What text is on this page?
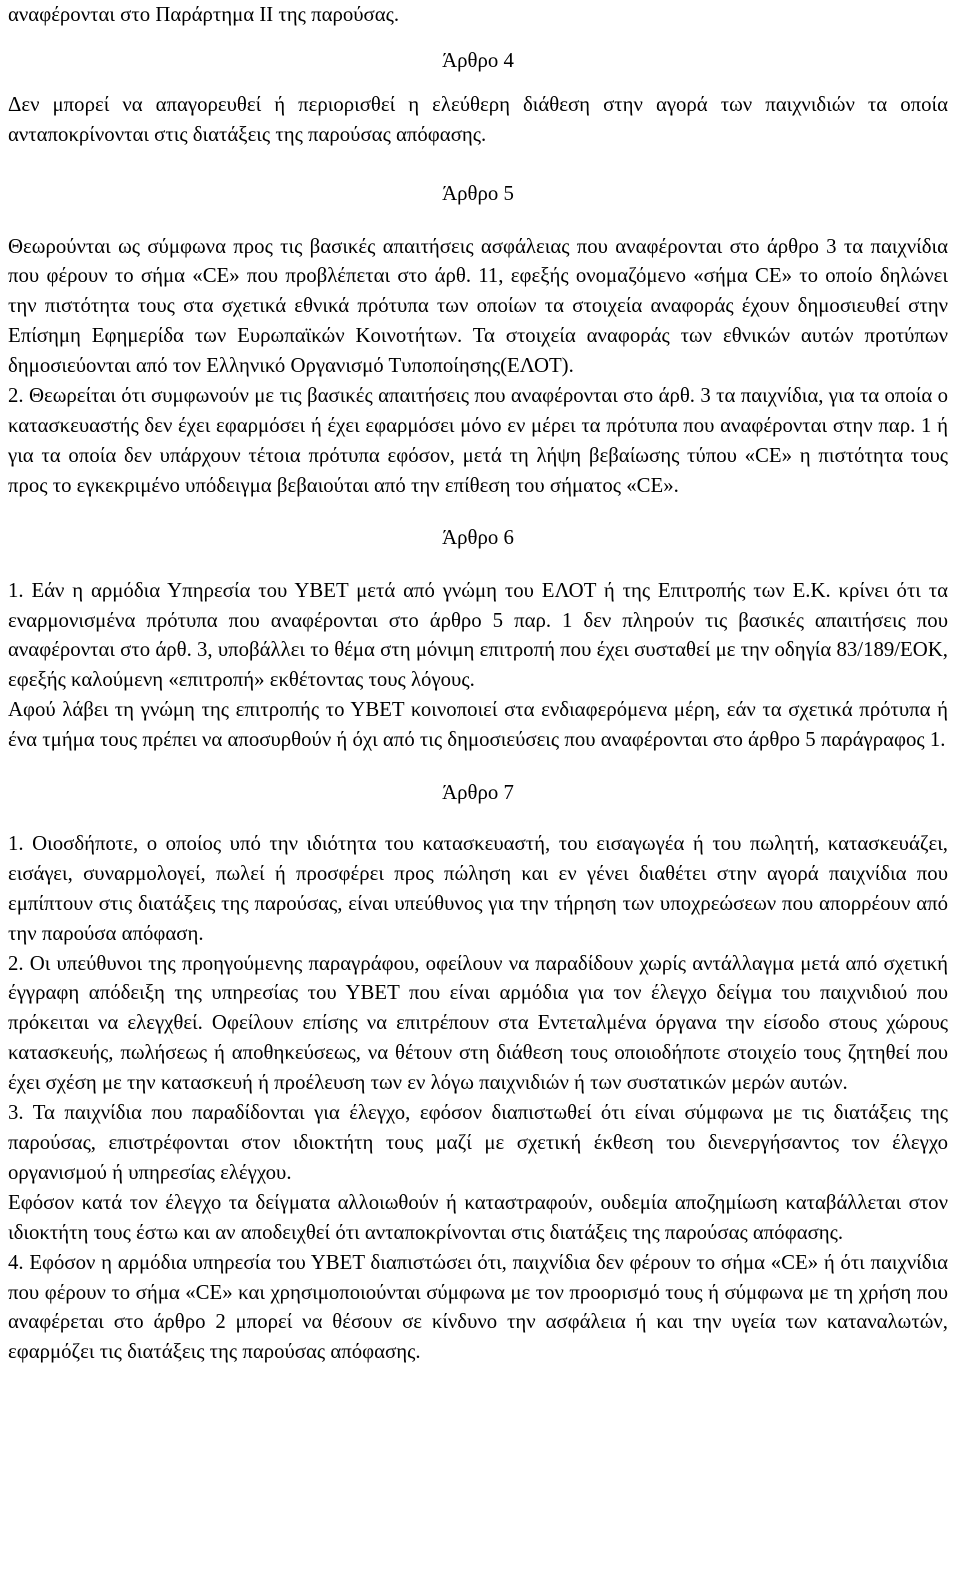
αναφέρονται στο Παράρτημα ΙΙ της παρούσας.

Άρθρο 4

Δεν μπορεί να απαγορευθεί ή περιορισθεί η ελεύθερη διάθεση στην αγορά των παιχνιδιών τα οποία ανταποκρίνονται στις διατάξεις της παρούσας απόφασης.

Άρθρο 5

Θεωρούνται ως σύμφωνα προς τις βασικές απαιτήσεις ασφάλειας που αναφέρονται στο άρθρο 3 τα παιχνίδια που φέρουν το σήμα «CE» που προβλέπεται στο άρθ. 11, εφεξής ονομαζόμενο «σήμα CE» το οποίο δηλώνει την πιστότητα τους στα σχετικά εθνικά πρότυπα των οποίων τα στοιχεία αναφοράς έχουν δημοσιευθεί στην Επίσημη Εφημερίδα των Ευρωπαϊκών Κοινοτήτων. Τα στοιχεία αναφοράς των εθνικών αυτών προτύπων δημοσιεύονται από τον Ελληνικό Οργανισμό Τυποποίησης(ΕΛΟΤ).

2. Θεωρείται ότι συμφωνούν με τις βασικές απαιτήσεις που αναφέρονται στο άρθ. 3 τα παιχνίδια, για τα οποία ο κατασκευαστής δεν έχει εφαρμόσει ή έχει εφαρμόσει μόνο εν μέρει τα πρότυπα που αναφέρονται στην παρ. 1 ή για τα οποία δεν υπάρχουν τέτοια πρότυπα εφόσον, μετά τη λήψη βεβαίωσης τύπου «CE» η πιστότητα τους προς το εγκεκριμένο υπόδειγμα βεβαιούται από την επίθεση του σήματος «CE».

Άρθρο 6

1. Εάν η αρμόδια Υπηρεσία του ΥΒΕΤ μετά από γνώμη του ΕΛΟΤ ή της Επιτροπής των Ε.Κ. κρίνει ότι τα εναρμονισμένα πρότυπα που αναφέρονται στο άρθρο 5 παρ. 1 δεν πληρούν τις βασικές απαιτήσεις που αναφέρονται στο άρθ. 3, υποβάλλει το θέμα στη μόνιμη επιτροπή που έχει συσταθεί με την οδηγία 83/189/ΕΟΚ, εφεξής καλούμενη «επιτροπή» εκθέτοντας τους λόγους.

Αφού λάβει τη γνώμη της επιτροπής το ΥΒΕΤ κοινοποιεί στα ενδιαφερόμενα μέρη, εάν τα σχετικά πρότυπα ή ένα τμήμα τους πρέπει να αποσυρθούν ή όχι από τις δημοσιεύσεις που αναφέρονται στο άρθρο 5 παράγραφος 1.

Άρθρο 7

1. Οιοσδήποτε, ο οποίος υπό την ιδιότητα του κατασκευαστή, του εισαγωγέα ή του πωλητή, κατασκευάζει, εισάγει, συναρμολογεί, πωλεί ή προσφέρει προς πώληση και εν γένει διαθέτει στην αγορά παιχνίδια που εμπίπτουν στις διατάξεις της παρούσας, είναι υπεύθυνος για την τήρηση των υποχρεώσεων που απορρέουν από την παρούσα απόφαση.

2. Οι υπεύθυνοι της προηγούμενης παραγράφου, οφείλουν να παραδίδουν χωρίς αντάλλαγμα μετά από σχετική έγγραφη απόδειξη της υπηρεσίας του ΥΒΕΤ που είναι αρμόδια για τον έλεγχο δείγμα του παιχνιδιού που πρόκειται να ελεγχθεί. Οφείλουν επίσης να επιτρέπουν στα Εντεταλμένα όργανα την είσοδο στους χώρους κατασκευής, πωλήσεως ή αποθηκεύσεως, να θέτουν στη διάθεση τους οποιοδήποτε στοιχείο τους ζητηθεί που έχει σχέση με την κατασκευή ή προέλευση των εν λόγω παιχνιδιών ή των συστατικών μερών αυτών.

3. Τα παιχνίδια που παραδίδονται για έλεγχο, εφόσον διαπιστωθεί ότι είναι σύμφωνα με τις διατάξεις της παρούσας, επιστρέφονται στον ιδιοκτήτη τους μαζί με σχετική έκθεση του διενεργήσαντος τον έλεγχο οργανισμού ή υπηρεσίας ελέγχου.

Εφόσον κατά τον έλεγχο τα δείγματα αλλοιωθούν ή καταστραφούν, ουδεμία αποζημίωση καταβάλλεται στον ιδιοκτήτη τους έστω και αν αποδειχθεί ότι ανταποκρίνονται στις διατάξεις της παρούσας απόφασης.

4. Εφόσον η αρμόδια υπηρεσία του ΥΒΕΤ διαπιστώσει ότι, παιχνίδια δεν φέρουν το σήμα «CE» ή ότι παιχνίδια που φέρουν το σήμα «CE» και χρησιμοποιούνται σύμφωνα με τον προορισμό τους ή σύμφωνα με τη χρήση που αναφέρεται στο άρθρο 2 μπορεί να θέσουν σε κίνδυνο την ασφάλεια ή και την υγεία των καταναλωτών, εφαρμόζει τις διατάξεις της παρούσας απόφασης.
